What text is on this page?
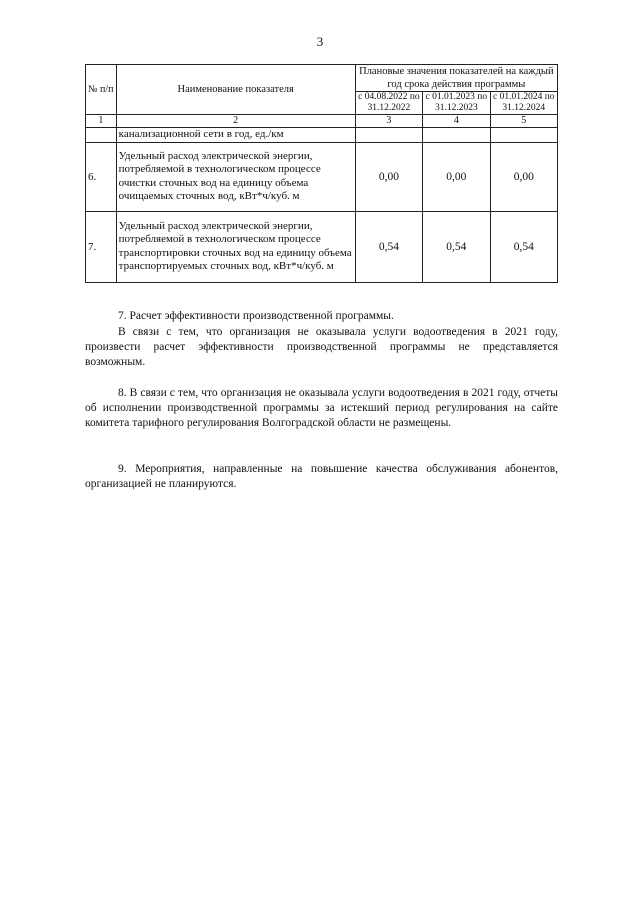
3
№ п/п	Наименование показателя	Плановые значения показателей на каждый год срока действия программы		
		с 04.08.2022 по 31.12.2022	с 01.01.2023 по 31.12.2023	с 01.01.2024 по 31.12.2024
1	2	3	4	5
	канализационной сети в год, ед./км			
6.	Удельный расход электрической энергии, потребляемой в технологическом процессе очистки сточных вод на единицу объема очищаемых сточных вод, кВт*ч/куб. м	0,00	0,00	0,00
7.	Удельный расход электрической энергии, потребляемой в технологическом процессе транспортировки сточных вод на единицу объема транспортируемых сточных вод, кВт*ч/куб. м	0,54	0,54	0,54
7. Расчет эффективности производственной программы.
В связи с тем, что организация не оказывала услуги водоотведения в 2021 году, произвести расчет эффективности производственной программы не представляется возможным.
8. В связи с тем, что организация не оказывала услуги водоотведения в 2021 году, отчеты об исполнении производственной программы за истекший период регулирования на сайте комитета тарифного регулирования Волгоградской области не размещены.
9. Мероприятия, направленные на повышение качества обслуживания абонентов, организацией не планируются.
